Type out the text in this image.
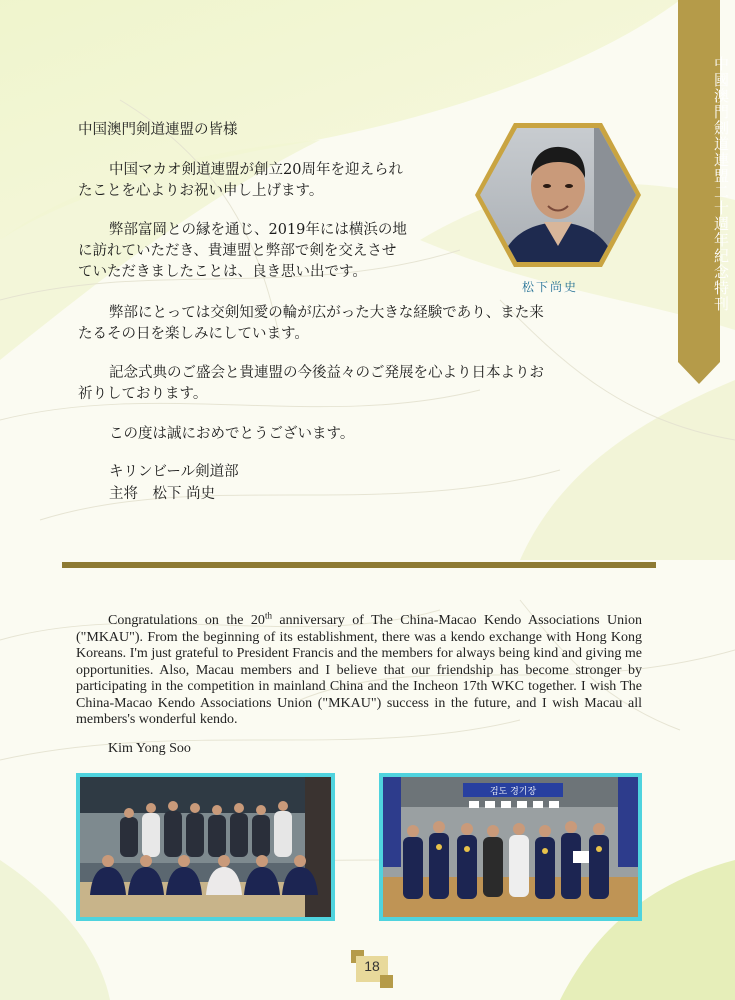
中國澳門劍道連盟二十週年紀念特刊
中国澳門剣道連盟の皆様
中国マカオ剣道連盟が創立20周年を迎えられ
たことを心よりお祝い申し上げます。
弊部富岡との縁を通じ、2019年には横浜の地
に訪れていただき、貴連盟と弊部で剣を交えさせ
ていただきましたことは、良き思い出です。
弊部にとっては交剣知愛の輪が広がった大きな経験であり、また来
たるその日を楽しみにしています。
記念式典のご盛会と貴連盟の今後益々のご発展を心より日本よりお
祈りしております。
この度は誠におめでとうございます。
キリンビール剣道部
主将　松下 尚史
松下尚史
Congratulations on the 20th anniversary of The China-Macao Kendo Associations Union ("MKAU"). From the beginning of its establishment, there was a kendo exchange with Hong Kong Koreans. I'm just grateful to President Francis and the members for always being kind and giving me opportunities. Also, Macau members and I believe that our friendship has become stronger by participating in the competition in mainland China and the Incheon 17th WKC together. I wish The China-Macao Kendo Associations Union ("MKAU") success in the future, and I wish Macau all members's wonderful kendo.
Kim Yong Soo
검도 경기장
18
